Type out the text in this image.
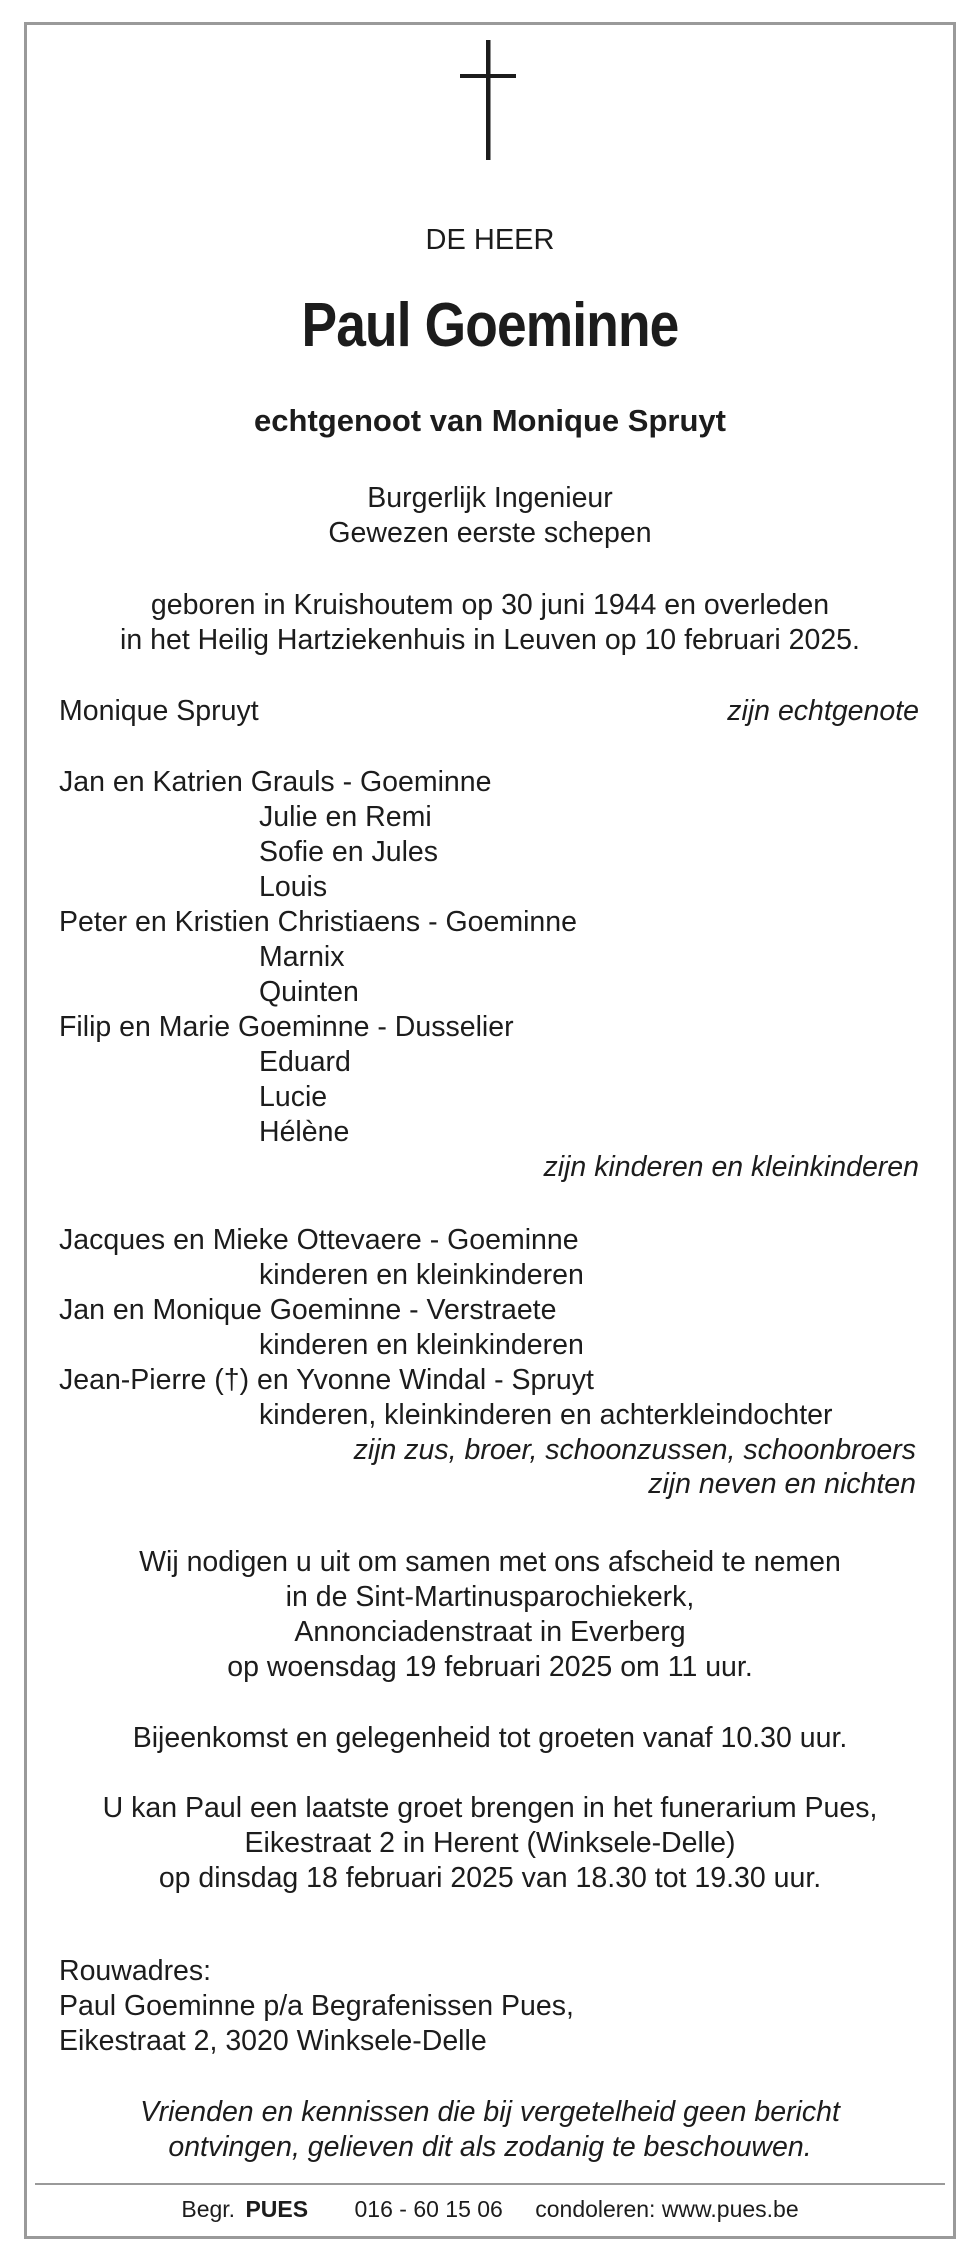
DE HEER

Paul Goeminne

echtgenoot van Monique Spruyt

Burgerlijk Ingenieur
Gewezen eerste schepen
geboren in Kruishoutem op 30 juni 1944 en overleden
in het Heilig Hartziekenhuis in Leuven op 10 februari 2025.
Monique Spruyt	zijn echtgenote
Jan en Katrien Grauls - Goeminne
Julie en Remi
Sofie en Jules
Louis
Peter en Kristien Christiaens - Goeminne
Marnix
Quinten
Filip en Marie Goeminne - Dusselier
Eduard
Lucie
Hélène
zijn kinderen en kleinkinderen
Jacques en Mieke Ottevaere - Goeminne
kinderen en kleinkinderen
Jan en Monique Goeminne - Verstraete
kinderen en kleinkinderen
Jean-Pierre (†) en Yvonne Windal - Spruyt
kinderen, kleinkinderen en achterkleindochter
zijn zus, broer, schoonzussen, schoonbroers
zijn neven en nichten
Wij nodigen u uit om samen met ons afscheid te nemen
in de Sint-Martinusparochiekerk,
Annonciadenstraat in Everberg
op woensdag 19 februari 2025 om 11 uur.
Bijeenkomst en gelegenheid tot groeten vanaf 10.30 uur.
U kan Paul een laatste groet brengen in het funerarium Pues,
Eikestraat 2 in Herent (Winksele-Delle)
op dinsdag 18 februari 2025 van 18.30 tot 19.30 uur.
Rouwadres:
Paul Goeminne p/a Begrafenissen Pues,
Eikestraat 2, 3020 Winksele-Delle
Vrienden en kennissen die bij vergetelheid geen bericht
ontvingen, gelieven dit als zodanig te beschouwen.
Begr. PUES 016 - 60 15 06 condoleren: www.pues.be
